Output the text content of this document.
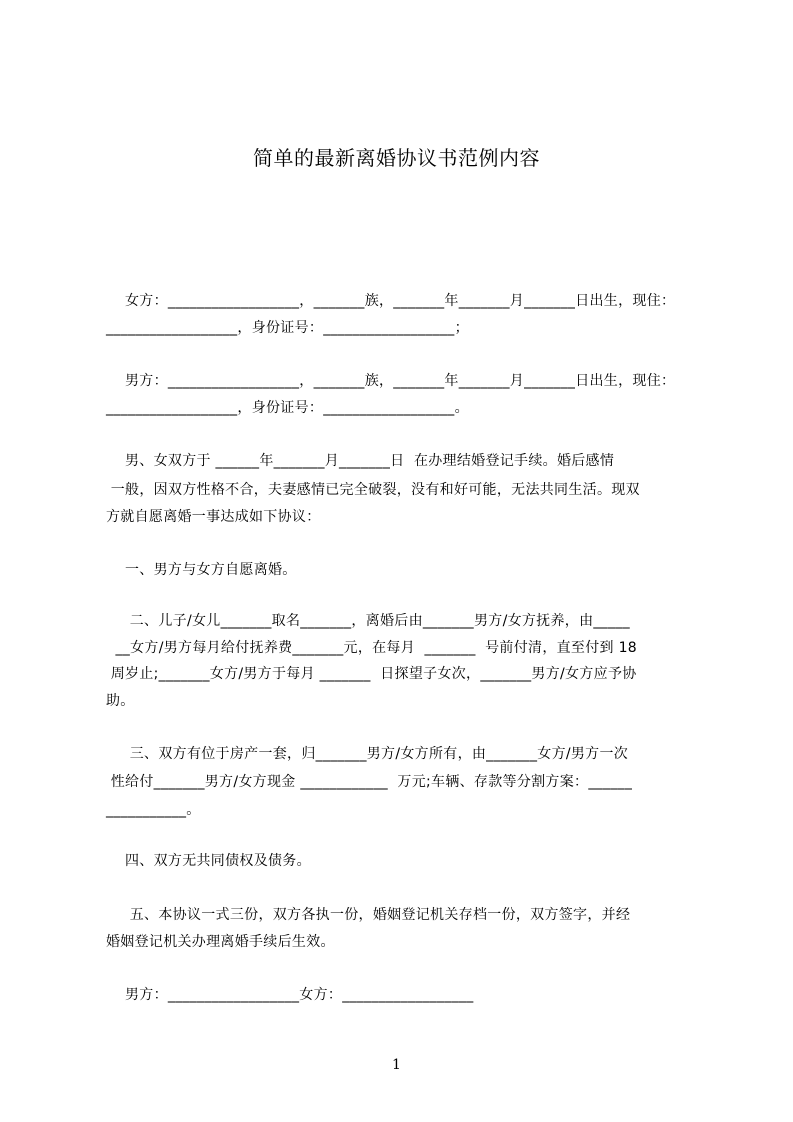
简单的最新离婚协议书范例内容
女方：__________________，_______族，_______年_______月_______日出生，现住：
__________________，身份证号：__________________；
男方：__________________，_______族，_______年_______月_______日出生，现住：
__________________，身份证号：__________________。
男、女双方于 ______年_______月_______日  在办理结婚登记手续。婚后感情
一般，因双方性格不合，夫妻感情已完全破裂，没有和好可能，无法共同生活。现双
方就自愿离婚一事达成如下协议：
一、男方与女方自愿离婚。
二、儿子/女儿_______取名_______，离婚后由_______男方/女方抚养，由_____
__女方/男方每月给付抚养费_______元，在每月  _______  号前付清，直至付到 18
周岁止;_______女方/男方于每月 _______  日探望子女次，_______男方/女方应予协
助。
三、双方有位于房产一套，归_______男方/女方所有，由_______女方/男方一次
性给付_______男方/女方现金 ____________  万元;车辆、存款等分割方案：______
___________。
四、双方无共同债权及债务。
五、本协议一式三份，双方各执一份，婚姻登记机关存档一份，双方签字，并经
婚姻登记机关办理离婚手续后生效。
男方：__________________女方：__________________
1
